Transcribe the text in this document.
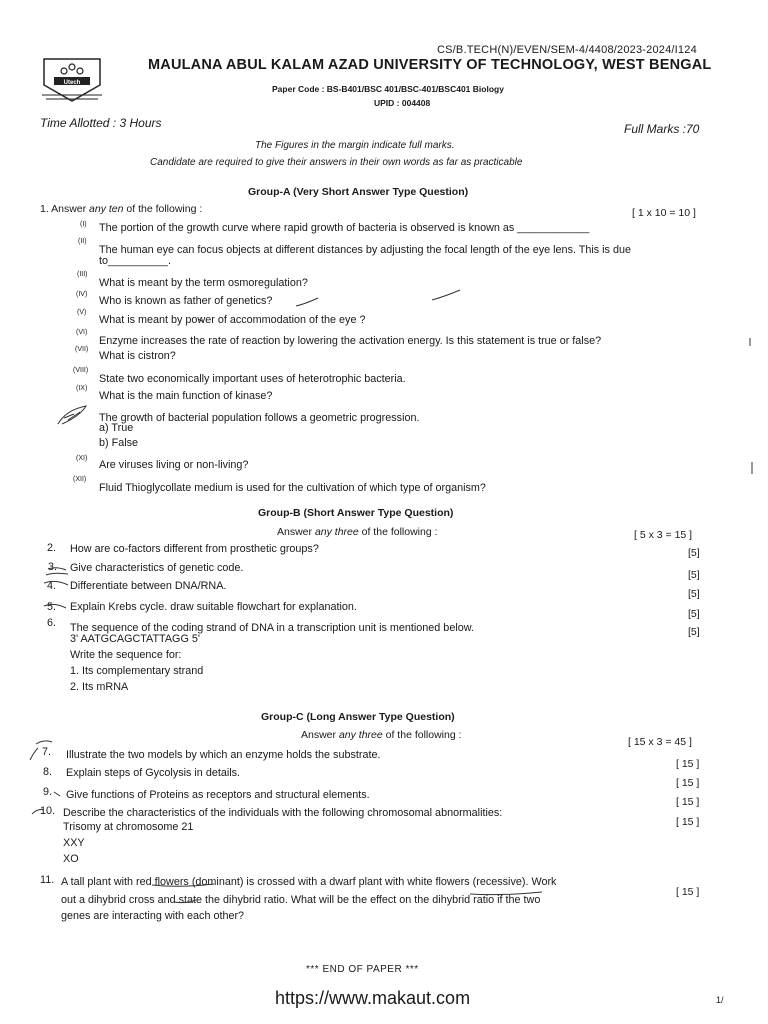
CS/B.TECH(N)/EVEN/SEM-4/4408/2023-2024/I124
Utech
MAULANA ABUL KALAM AZAD UNIVERSITY OF TECHNOLOGY, WEST BENGAL
Paper Code : BS-B401/BSC 401/BSC-401/BSC401 Biology
UPID : 004408
Time Allotted : 3 Hours	Full Marks :70
The Figures in the margin indicate full marks.
Candidate are required to give their answers in their own words as far as practicable
Group-A (Very Short Answer Type Question)
1. Answer any ten of the following :	[ 1 x 10 = 10 ]
(I) The portion of the growth curve where rapid growth of bacteria is observed is known as ____________
(II)
The human eye can focus objects at different distances by adjusting the focal length of the eye lens. This is due
to__________.
(III)
What is meant by the term osmoregulation?
(IV)
Who is known as father of genetics?
(V)
What is meant by power of accommodation of the eye ?
(VI)
Enzyme increases the rate of reaction by lowering the activation energy. Is this statement is true or false?
(VII)
What is cistron?
(VIII)
State two economically important uses of heterotrophic bacteria.
(IX)
What is the main function of kinase?
The growth of bacterial population follows a geometric progression.
a) True
b) False
(XI)
Are viruses living or non-living?
(XII)
Fluid Thioglycollate medium is used for the cultivation of which type of organism?
Group-B (Short Answer Type Question)
Answer any three of the following :	[ 5 x 3 = 15 ]
2. How are co-factors different from prosthetic groups?	[5]
3. Give characteristics of genetic code.
[5]
4. Differentiate between DNA/RNA.
[5]
5. Explain Krebs cycle. draw suitable flowchart for explanation.
[5]
6. The sequence of the coding strand of DNA in a transcription unit is mentioned below.	[5]
3' AATGCAGCTATTAGG 5'
Write the sequence for:
1. Its complementary strand
2. Its mRNA
Group-C (Long Answer Type Question)
Answer any three of the following :
[ 15 x 3 = 45 ]
7. Illustrate the two models by which an enzyme holds the substrate.
[ 15 ]
8. Explain steps of Gycolysis in details.
[ 15 ]
9. Give functions of Proteins as receptors and structural elements.
[ 15 ]
10. Describe the characteristics of the individuals with the following chromosomal abnormalities:
[ 15 ]
Trisomy at chromosome 21
XXY
XO
11. A tall plant with red flowers (dominant) is crossed with a dwarf plant with white flowers (recessive). Work
[ 15 ]
out a dihybrid cross and state the dihybrid ratio. What will be the effect on the dihybrid ratio if the two
genes are interacting with each other?
*** END OF PAPER ***
https://www.makaut.com	1/
